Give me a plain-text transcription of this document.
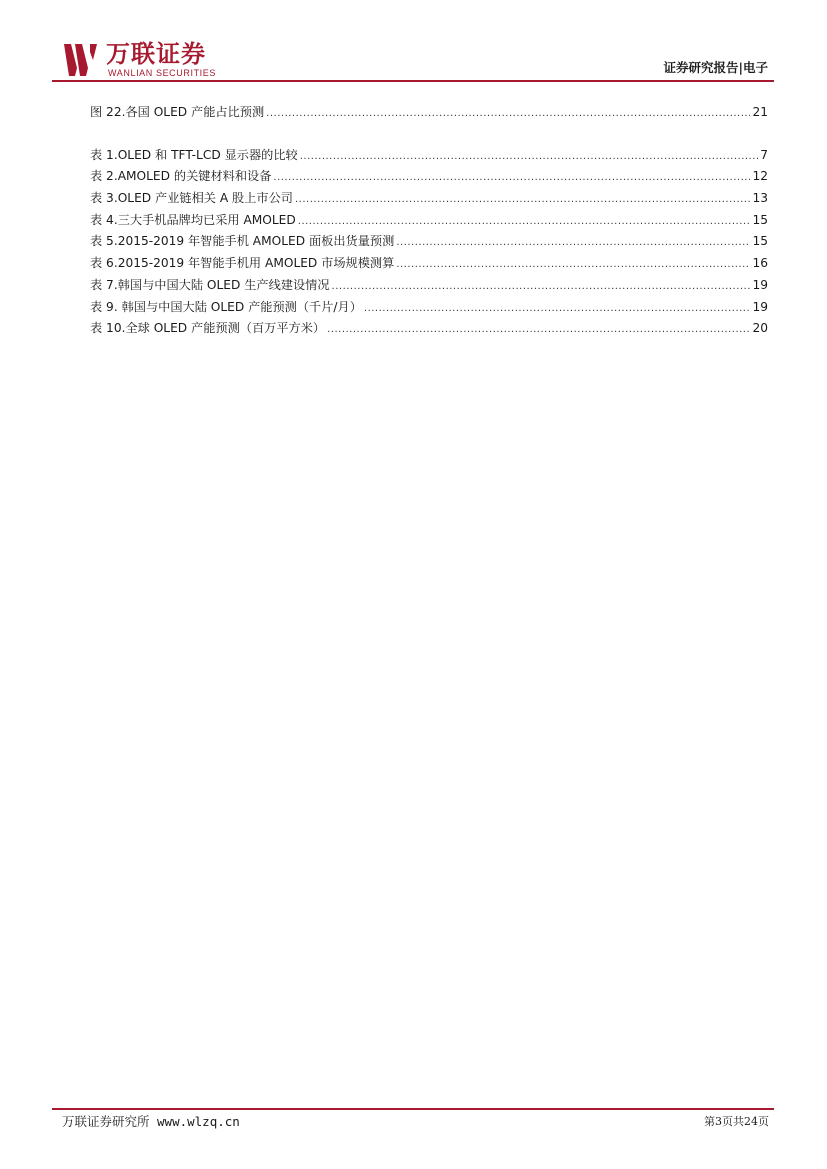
万联证券
WANLIAN SECURITIES	证券研究报告|电子
图 22.各国 OLED 产能占比预测 .....	21
表 1.OLED 和 TFT-LCD 显示器的比较 .....	7
表 2.AMOLED 的关键材料和设备 .....	12
表 3.OLED 产业链相关 A 股上市公司 .....	13
表 4.三大手机品牌均已采用 AMOLED .....	15
表 5.2015-2019 年智能手机 AMOLED 面板出货量预测 .....	15
表 6.2015-2019 年智能手机用 AMOLED 市场规模测算 .....	16
表 7.韩国与中国大陆 OLED 生产线建设情况 .....	19
表 9. 韩国与中国大陆 OLED 产能预测（千片/月） .....	19
表 10.全球 OLED 产能预测（百万平方米） .....	20
万联证券研究所 www.wlzq.cn	第3页共24页
